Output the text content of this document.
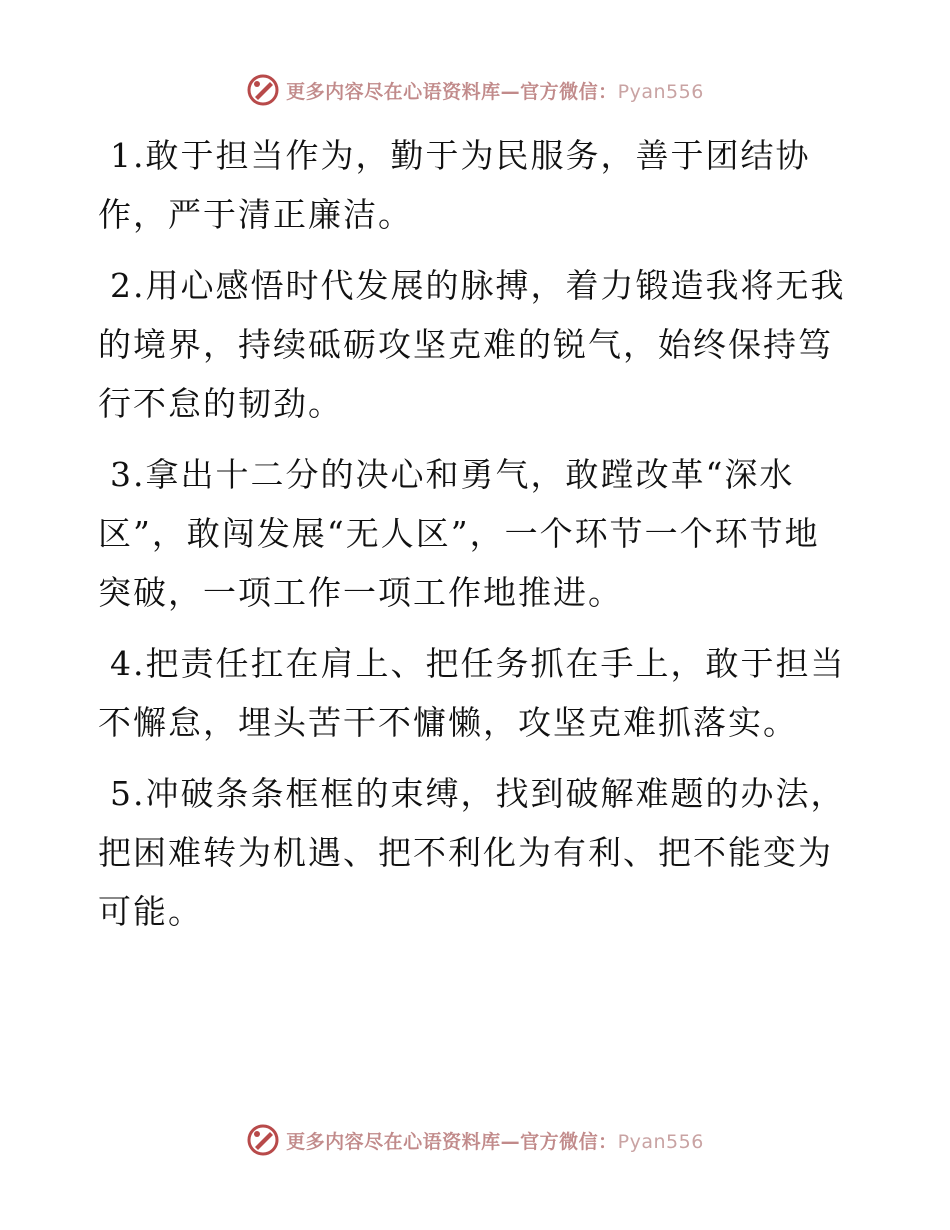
更多内容尽在心语资料库—官方微信：Pyan556

1.敢于担当作为，勤于为民服务，善于团结协作，严于清正廉洁。

2.用心感悟时代发展的脉搏，着力锻造我将无我的境界，持续砥砺攻坚克难的锐气，始终保持笃行不怠的韧劲。

3.拿出十二分的决心和勇气，敢蹚改革“深水区”，敢闯发展“无人区”，一个环节一个环节地突破，一项工作一项工作地推进。

4.把责任扛在肩上、把任务抓在手上，敢于担当不懈怠，埋头苦干不慵懒，攻坚克难抓落实。

5.冲破条条框框的束缚，找到破解难题的办法，把困难转为机遇、把不利化为有利、把不能变为可能。

更多内容尽在心语资料库—官方微信：Pyan556
